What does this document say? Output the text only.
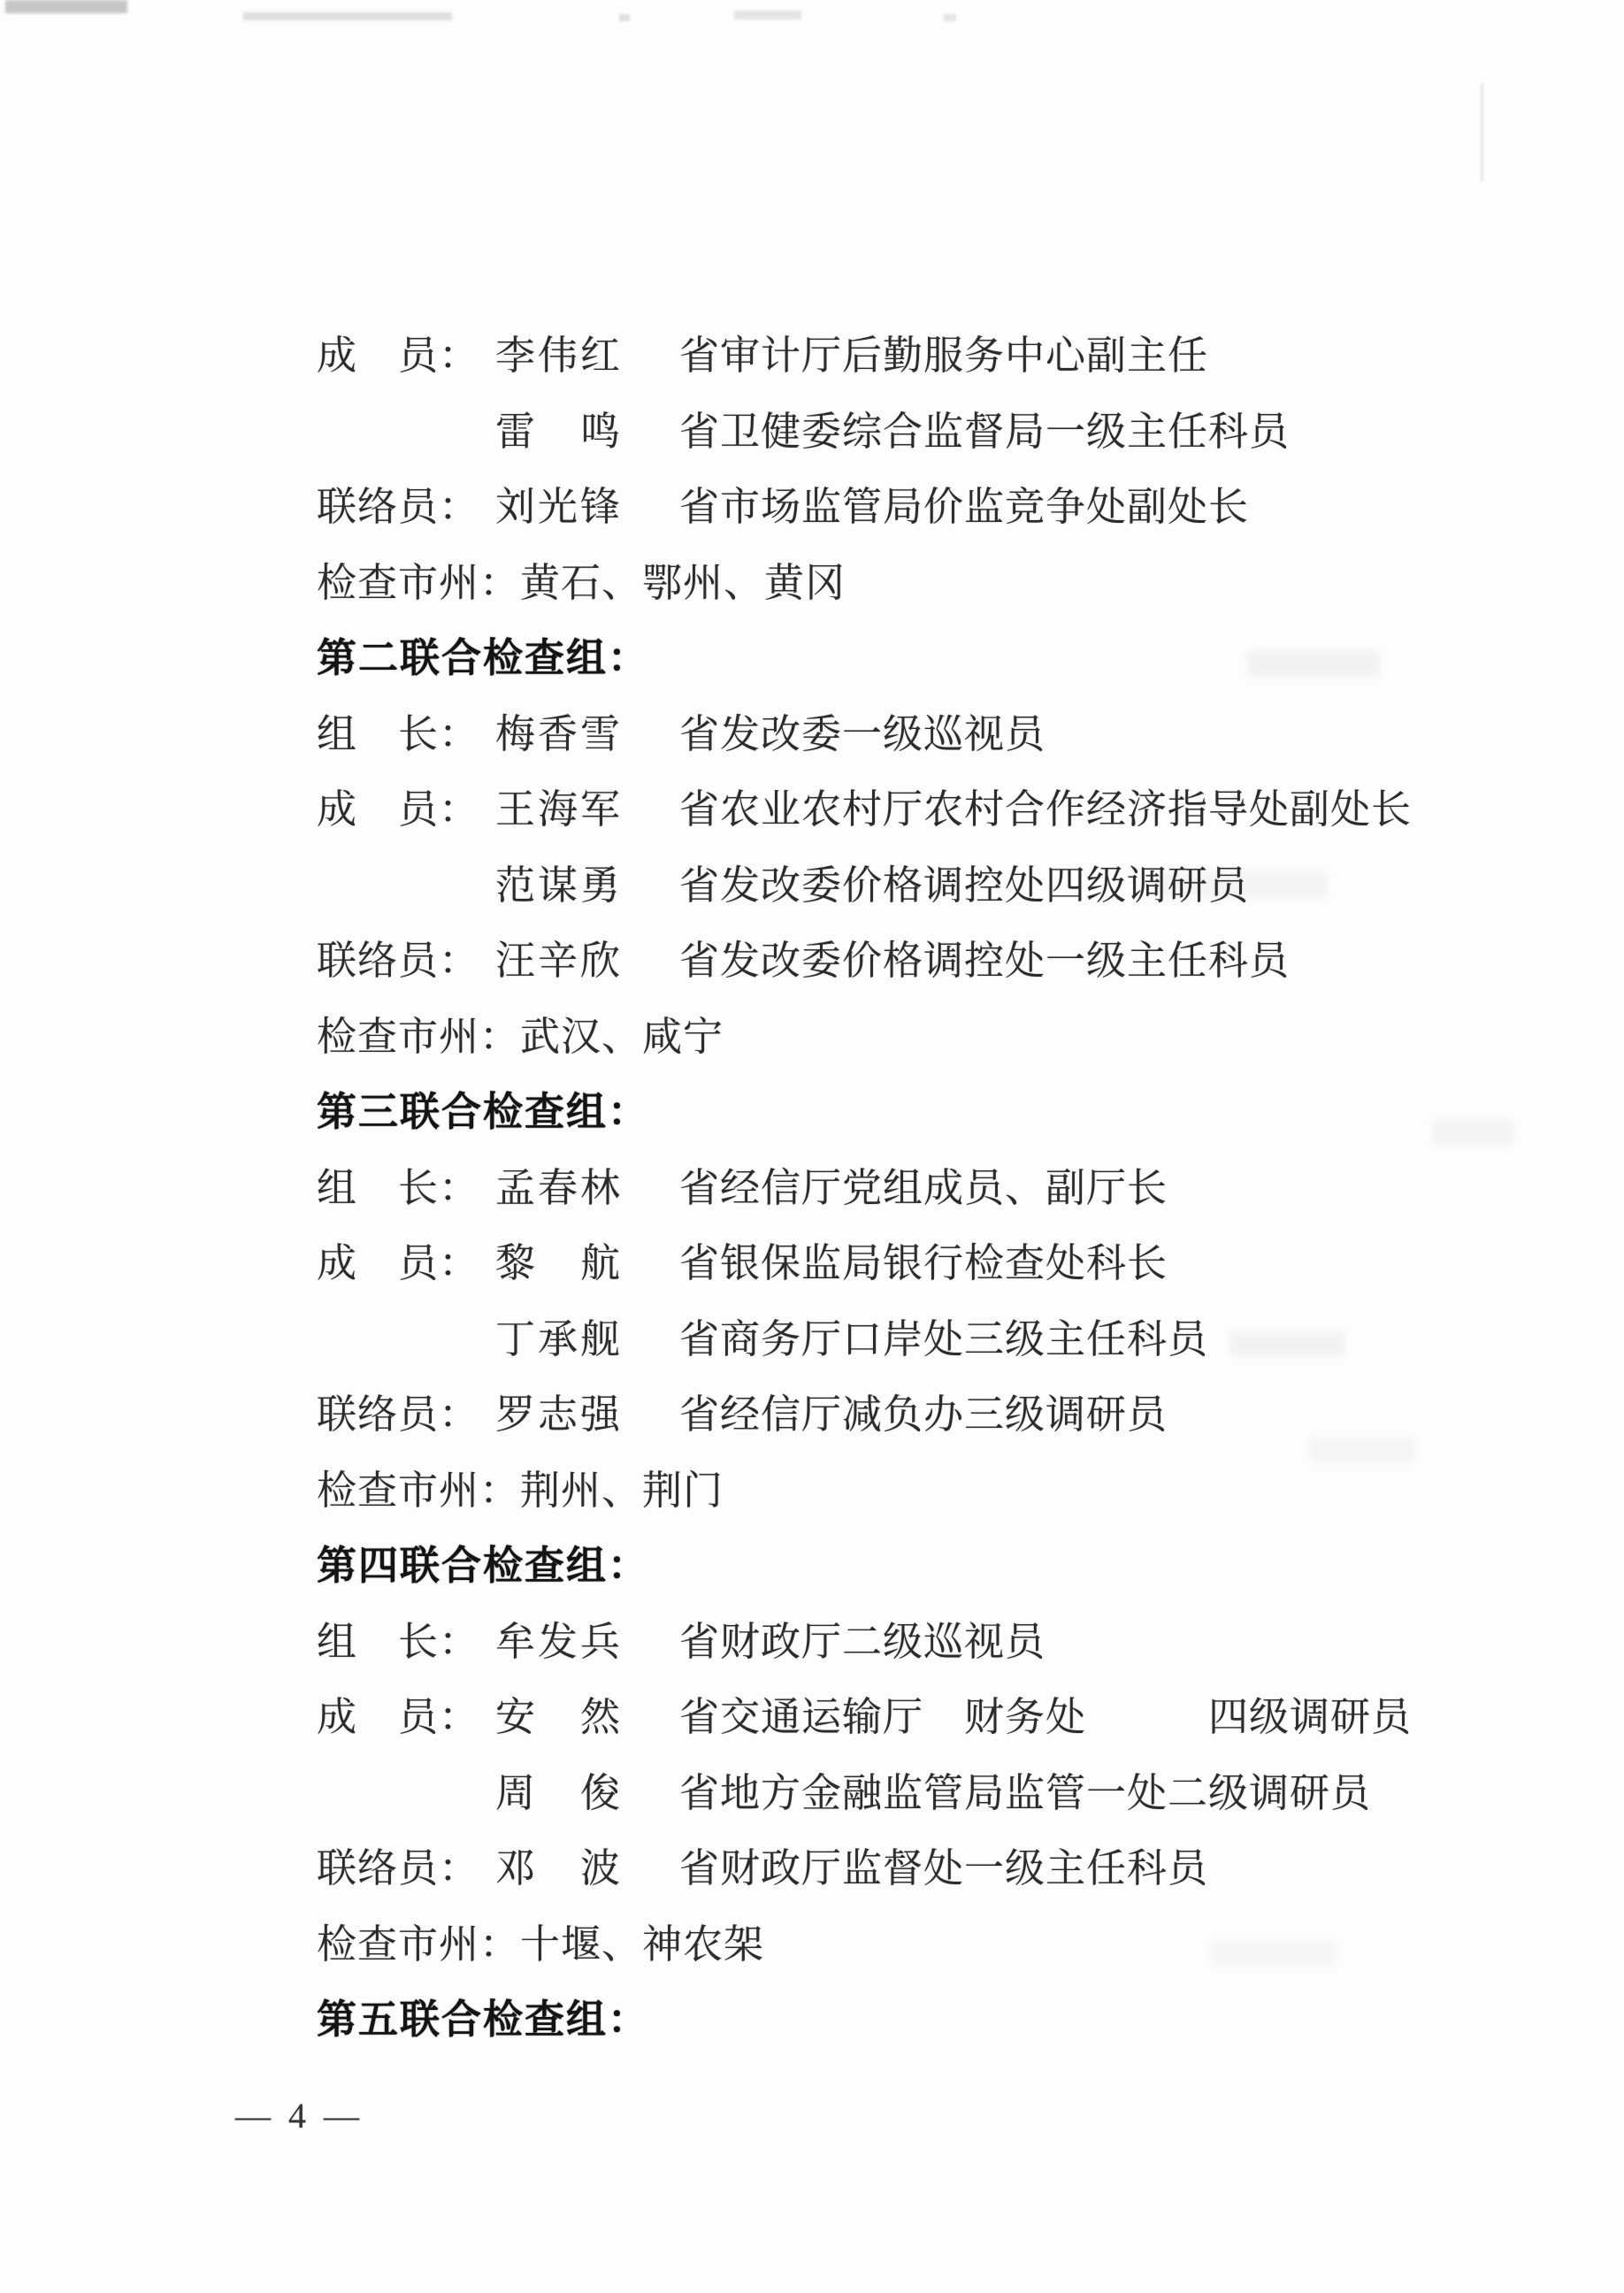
成　员： 李伟红 省审计厅后勤服务中心副主任
雷　鸣 省卫健委综合监督局一级主任科员
联络员： 刘光锋 省市场监管局价监竞争处副处长
检查市州：黄石、鄂州、黄冈
第二联合检查组：
组　长： 梅香雪 省发改委一级巡视员
成　员： 王海军 省农业农村厅农村合作经济指导处副处长
范谋勇 省发改委价格调控处四级调研员
联络员： 汪辛欣 省发改委价格调控处一级主任科员
检查市州：武汉、咸宁
第三联合检查组：
组　长： 孟春林 省经信厅党组成员、副厅长
成　员： 黎　航 省银保监局银行检查处科长
丁承舰 省商务厅口岸处三级主任科员
联络员： 罗志强 省经信厅减负办三级调研员
检查市州：荆州、荆门
第四联合检查组：
组　长： 牟发兵 省财政厅二级巡视员
成　员： 安　然 省交通运输厅　财务处　　　四级调研员
周　俊 省地方金融监管局监管一处二级调研员
联络员： 邓　波 省财政厅监督处一级主任科员
检查市州：十堰、神农架
第五联合检查组：
— 4 —
